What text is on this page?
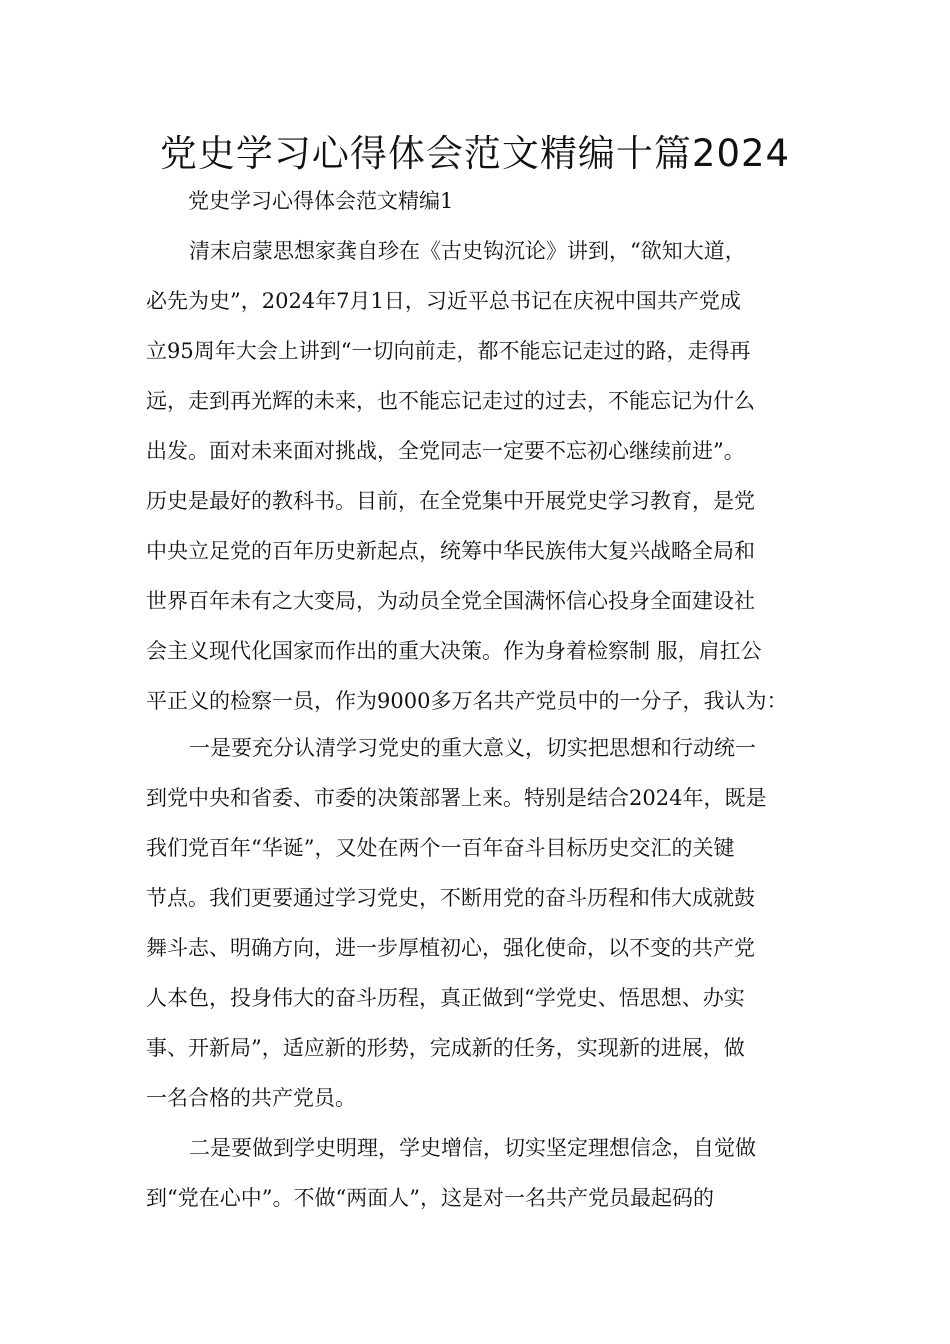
党史学习心得体会范文精编十篇2024
党史学习心得体会范文精编1
清末启蒙思想家龚自珍在《古史钩沉论》讲到，“欲知大道，
必先为史”，2024年7月1日，习近平总书记在庆祝中国共产党成
立95周年大会上讲到“一切向前走，都不能忘记走过的路，走得再
远，走到再光辉的未来，也不能忘记走过的过去，不能忘记为什么
出发。面对未来面对挑战，全党同志一定要不忘初心继续前进”。
历史是最好的教科书。目前，在全党集中开展党史学习教育，是党
中央立足党的百年历史新起点，统筹中华民族伟大复兴战略全局和
世界百年未有之大变局，为动员全党全国满怀信心投身全面建设社
会主义现代化国家而作出的重大决策。作为身着检察制 服，肩扛公
平正义的检察一员，作为9000多万名共产党员中的一分子，我认为：
一是要充分认清学习党史的重大意义，切实把思想和行动统一
到党中央和省委、市委的决策部署上来。特别是结合2024年，既是
我们党百年“华诞”，又处在两个一百年奋斗目标历史交汇的关键
节点。我们更要通过学习党史，不断用党的奋斗历程和伟大成就鼓
舞斗志、明确方向，进一步厚植初心，强化使命，以不变的共产党
人本色，投身伟大的奋斗历程，真正做到“学党史、悟思想、办实
事、开新局”，适应新的形势，完成新的任务，实现新的进展，做
一名合格的共产党员。
二是要做到学史明理，学史增信，切实坚定理想信念，自觉做
到“党在心中”。不做“两面人”，这是对一名共产党员最起码的
